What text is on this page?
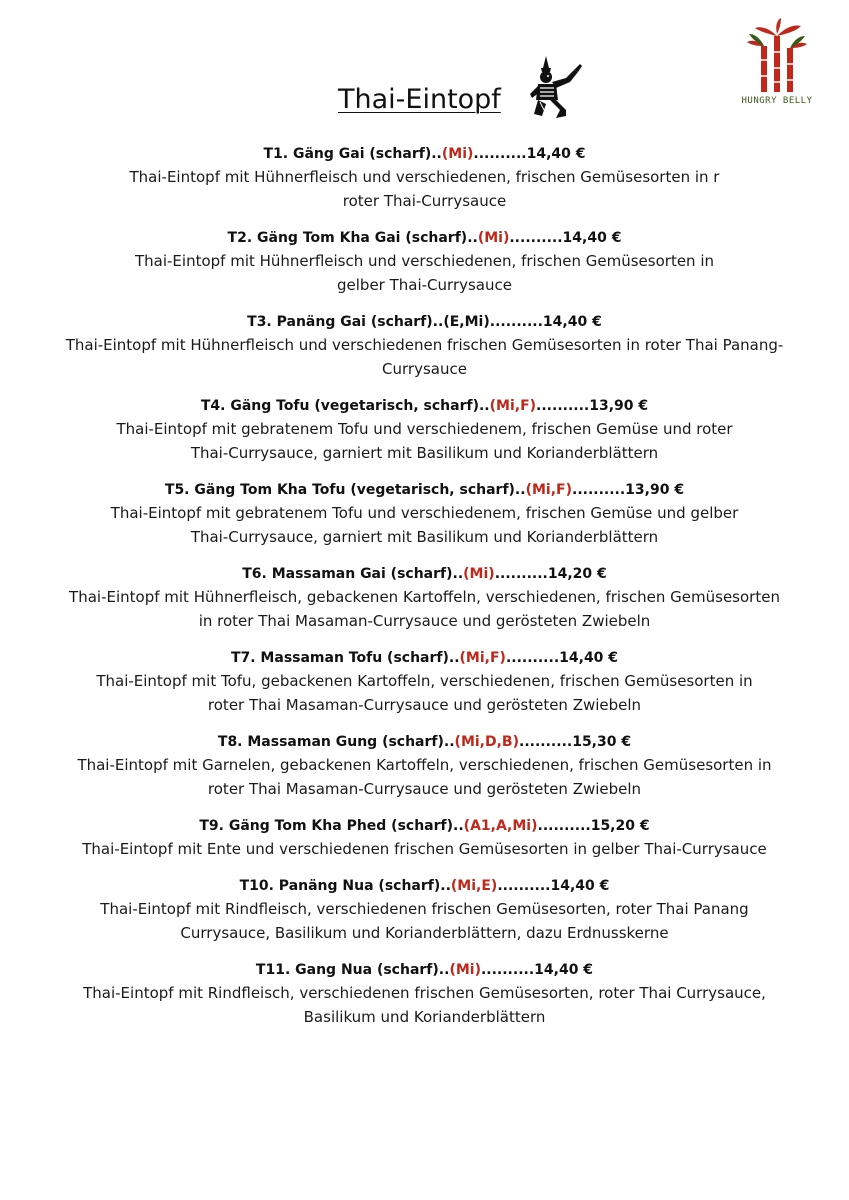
Thai-Eintopf	HUNGRY BELLY
T1. Gäng Gai (scharf)..(Mi)..........14,40 €
Thai-Eintopf mit Hühnerfleisch und verschiedenen, frischen Gemüsesorten in r
roter Thai-Currysauce
T2. Gäng Tom Kha Gai (scharf)..(Mi)..........14,40 €
Thai-Eintopf mit Hühnerfleisch und verschiedenen, frischen Gemüsesorten in
gelber Thai-Currysauce
T3. Panäng Gai (scharf)..(E,Mi)..........14,40 €
Thai-Eintopf mit Hühnerfleisch und verschiedenen frischen Gemüsesorten in roter Thai Panang-
Currysauce
T4. Gäng Tofu (vegetarisch, scharf)..(Mi,F)..........13,90 €
Thai-Eintopf mit gebratenem Tofu und verschiedenem, frischen Gemüse und roter
Thai-Currysauce, garniert mit Basilikum und Korianderblättern
T5. Gäng Tom Kha Tofu (vegetarisch, scharf)..(Mi,F)..........13,90 €
Thai-Eintopf mit gebratenem Tofu und verschiedenem, frischen Gemüse und gelber
Thai-Currysauce, garniert mit Basilikum und Korianderblättern
T6. Massaman Gai (scharf)..(Mi)..........14,20 €
Thai-Eintopf mit Hühnerfleisch, gebackenen Kartoffeln, verschiedenen, frischen Gemüsesorten
in roter Thai Masaman-Currysauce und gerösteten Zwiebeln
T7. Massaman Tofu (scharf)..(Mi,F)..........14,40 €
Thai-Eintopf mit Tofu, gebackenen Kartoffeln, verschiedenen, frischen Gemüsesorten in
roter Thai Masaman-Currysauce und gerösteten Zwiebeln
T8. Massaman Gung (scharf)..(Mi,D,B)..........15,30 €
Thai-Eintopf mit Garnelen, gebackenen Kartoffeln, verschiedenen, frischen Gemüsesorten in
roter Thai Masaman-Currysauce und gerösteten Zwiebeln
T9. Gäng Tom Kha Phed (scharf)..(A1,A,Mi)..........15,20 €
Thai-Eintopf mit Ente und verschiedenen frischen Gemüsesorten in gelber Thai-Currysauce
T10. Panäng Nua (scharf)..(Mi,E)..........14,40 €
Thai-Eintopf mit Rindfleisch, verschiedenen frischen Gemüsesorten, roter Thai Panang
Currysauce, Basilikum und Korianderblättern, dazu Erdnusskerne
T11. Gang Nua (scharf)..(Mi)..........14,40 €
Thai-Eintopf mit Rindfleisch, verschiedenen frischen Gemüsesorten, roter Thai Currysauce,
Basilikum und Korianderblättern
